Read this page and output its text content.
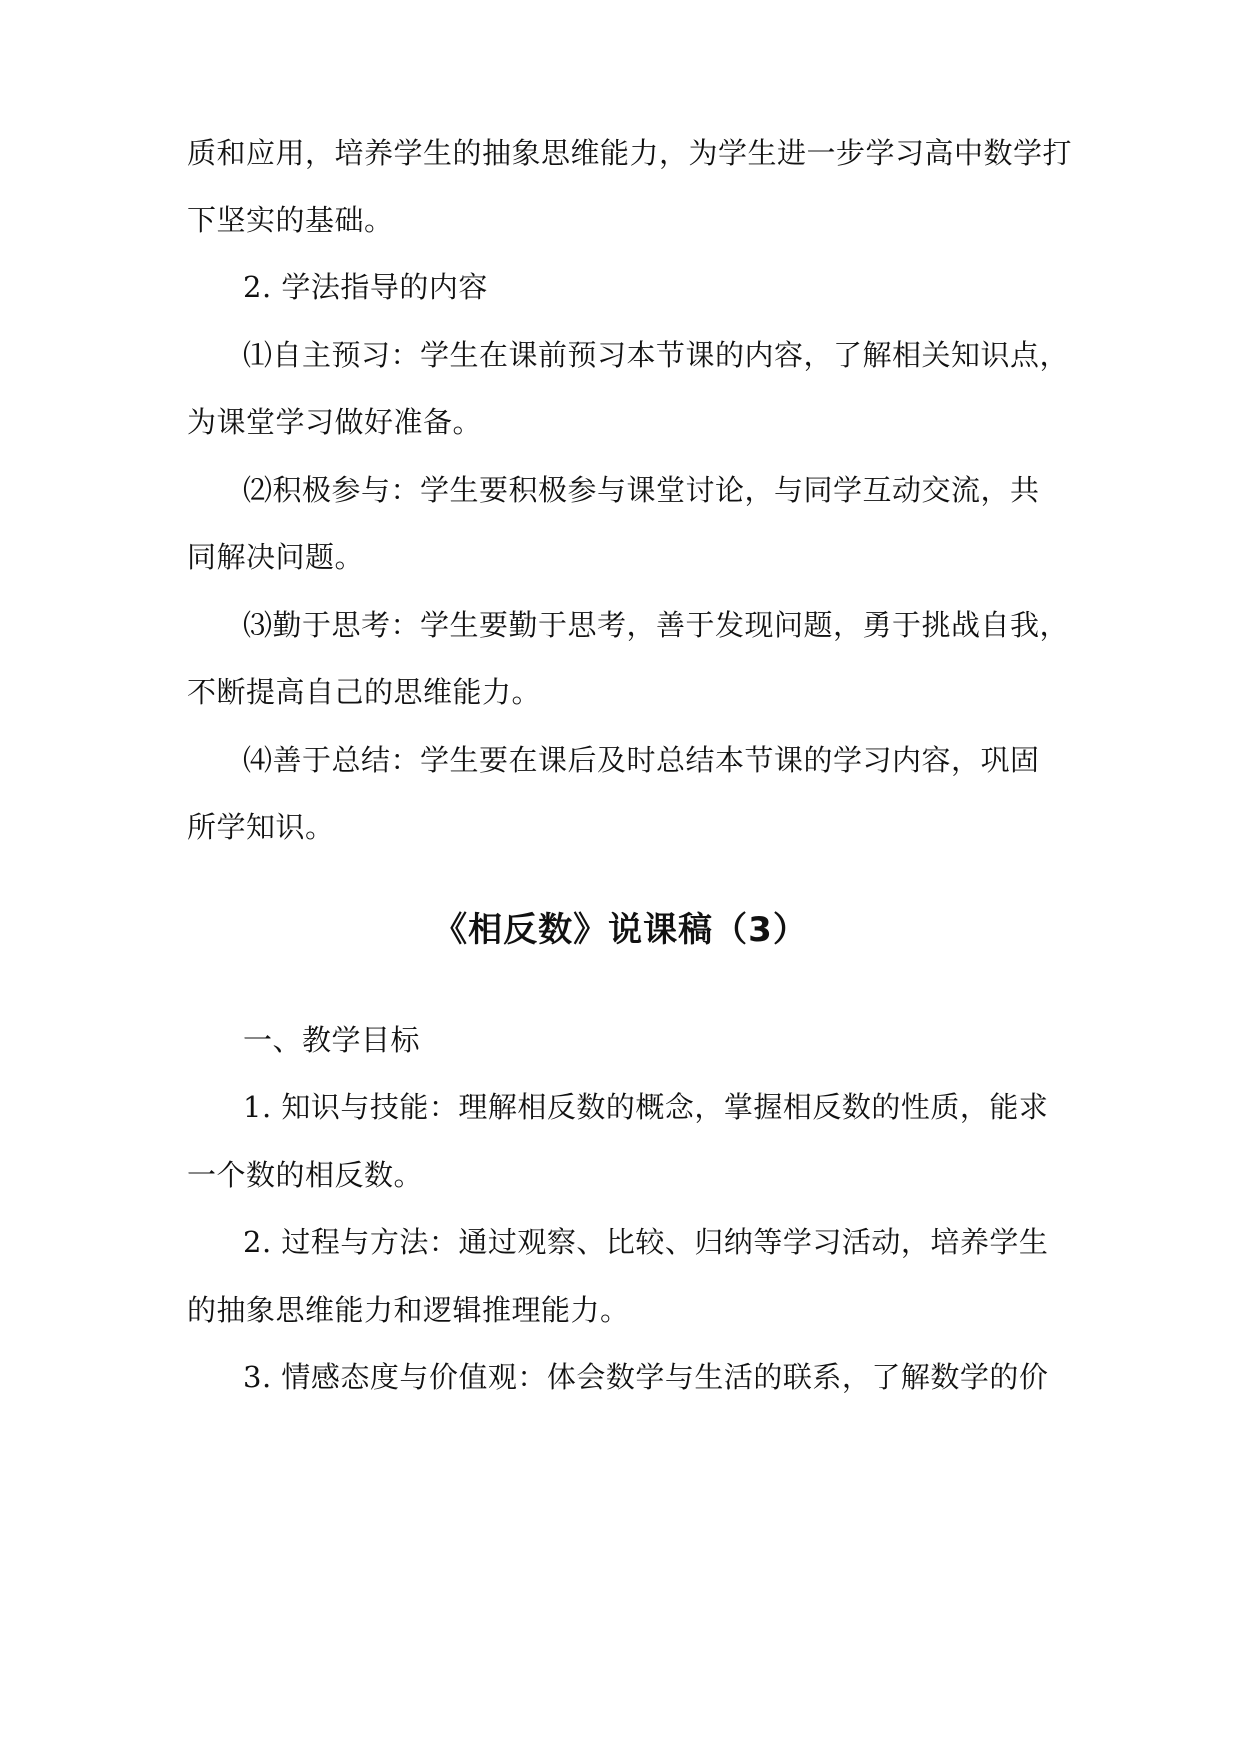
质和应用，培养学生的抽象思维能力，为学生进一步学习高中数学打
下坚实的基础。
2. 学法指导的内容
⑴自主预习：学生在课前预习本节课的内容，了解相关知识点，
为课堂学习做好准备。
⑵积极参与：学生要积极参与课堂讨论，与同学互动交流，共
同解决问题。
⑶勤于思考：学生要勤于思考，善于发现问题，勇于挑战自我，
不断提高自己的思维能力。
⑷善于总结：学生要在课后及时总结本节课的学习内容，巩固
所学知识。
《相反数》说课稿（3）
一、教学目标
1. 知识与技能：理解相反数的概念，掌握相反数的性质，能求
一个数的相反数。
2. 过程与方法：通过观察、比较、归纳等学习活动，培养学生
的抽象思维能力和逻辑推理能力。
3. 情感态度与价值观：体会数学与生活的联系，了解数学的价
